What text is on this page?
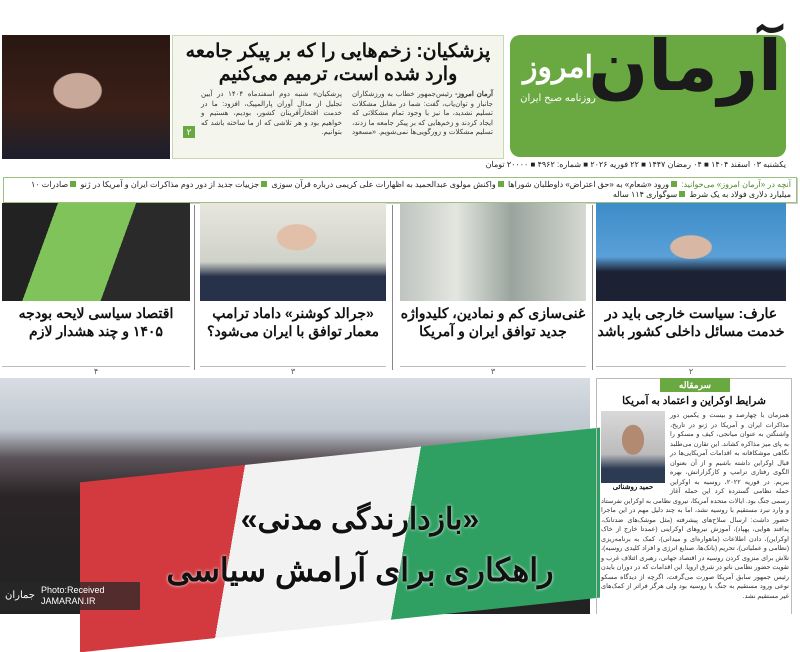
امروز
روزنامه صبح ایران
آرمان
یکشنبه ۰۳ اسفند ۱۴۰۴ ■ ۰۴ رمضان ۱۴۴۷ ■ ۲۲ فوریه ۲۰۲۶ ■ شماره: ۴۹۶۲ ■ ۲۰۰۰۰ تومان
پزشکیان: زخم‌هایی را که بر پیکر جامعه وارد شده است، ترمیم می‌کنیم
آرمان امروز- رئیس‌جمهور خطاب به ورزشکاران جانباز و توان‌یاب، گفت: شما در مقابل مشکلات تسلیم نشدید، ما نیز با وجود تمام مشکلاتی که ایجاد کردند و زخم‌هایی که بر پیکر جامعه ما زدند، تسلیم مشکلات و زورگویی‌ها نمی‌شویم. «مسعود پزشکیان» شنبه دوم اسفندماه ۱۴۰۴ در آیین تجلیل از مدال آوران پارالمپیک، افزود: ما در خدمت افتخارآفرینان کشور، بودیم، هستیم و خواهیم بود و هر تلاشی که از ما ساخته باشد که بتوانیم.
۲
آنچه در «آرمان امروز» می‌خوانید: ورود «شعام» به «حق اعتراض» داوطلبان شوراها واکنش مولوی عبدالحمید به اظهارات علی کریمی درباره قرآن سوزی جزییات جدید از دور دوم مذاکرات ایران و آمریکا در ژنو صادرات ۱۰ میلیارد دلاری فولاد به یک شرط سوگواری ۱۱۴ ساله
عارف: سیاست خارجی باید در خدمت مسائل داخلی کشور باشد
۲
غنی‌سازی کم و نمادین، کلیدواژه جدید توافق ایران و آمریکا
۳
«جرالد کوشنر» داماد ترامپ معمار توافق با ایران می‌شود؟
۳
اقتصاد سیاسی لایحه بودجه ۱۴۰۵ و چند هشدار لازم
۴
«بازدارندگی مدنی»
راهکاری برای آرامش سیاسی
جماران Photo:Received
JAMARAN.IR
سرمقاله
شرایط اوکراین و اعتماد به آمریکا
حمید روشنائی
همزمان با چهارصد و بیست و یکمین دور مذاکرات ایران و آمریکا در ژنو در تاریخ، واشنگتن به عنوان میانجی، کیف و مسکو را به پای میز مذاکره کشاند. این تقارن می‌طلبد نگاهی موشکافانه به اقدامات آمریکایی‌ها در قبال اوکراین داشته باشیم و از آن بعنوان الگوی رفتاری ترامپ و کارگزارانش، بهره ببریم. در فوریه ۲۰۲۲، روسیه به اوکراین حمله نظامی گسترده کرد این حمله آغاز رسمی جنگ بود. ایالات متحده آمریکا، نیروی نظامی به اوکراین نفرستاد و وارد نبرد مستقیم با روسیه نشد، اما به چند دلیل مهم در این ماجرا حضور داشت: ارسال سلاح‌های پیشرفته (مثل موشک‌های ضدتانک، پدافند هوایی، پهپاد)، آموزش نیروهای اوکراینی (عمدتا خارج از خاک اوکراین)، دادن اطلاعات (ماهواره‌ای و میدانی)، کمک به برنامه‌ریزی (نظامی و عملیاتی)، تحریم (بانک‌ها، صنایع انرژی و افراد کلیدی روسیه)، تلاش برای منزوی کردن روسیه در اقتصاد جهانی، رهبری ائتلاف غرب و تقویت حضور نظامی ناتو در شرق اروپا. این اقدامات که در دوران بایدن رئیس جمهور سابق آمریکا صورت می‌گرفت، اگرچه از دیدگاه مسکو نوعی ورود مستقیم به جنگ با روسیه بود ولی هرگز فراتر از کمک‌های غیر مستقیم نشد.
